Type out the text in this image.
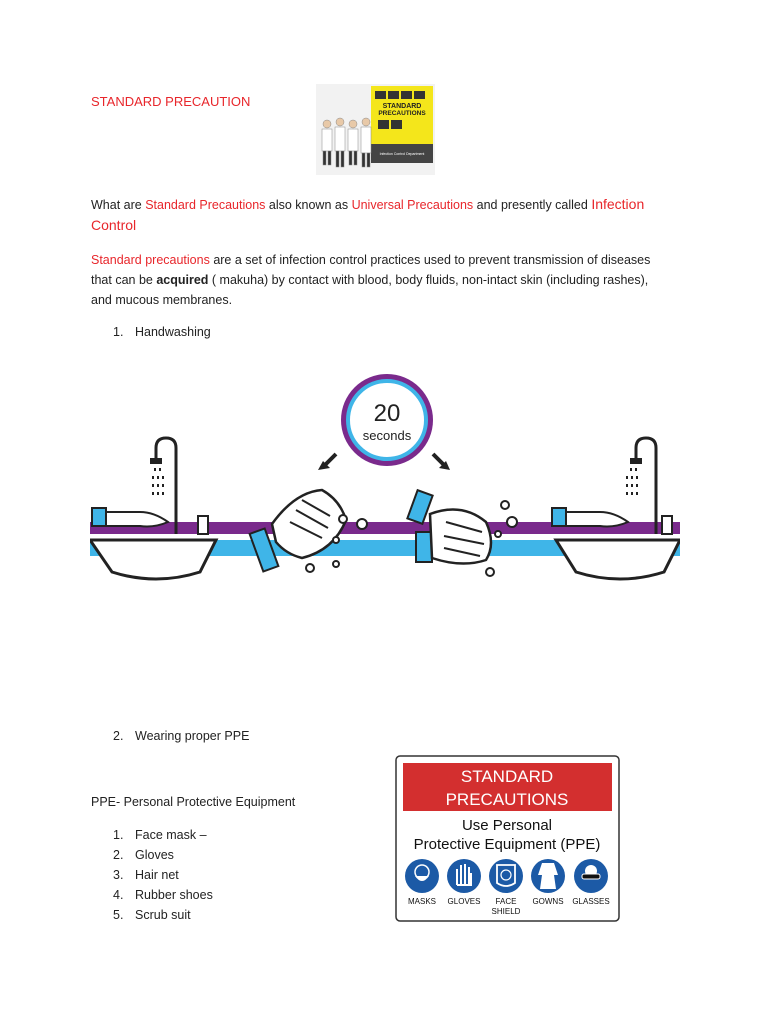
STANDARD PRECAUTION	STANDARD
PRECAUTIONS
Infection Control Department
What are Standard Precautions also known as Universal Precautions and presently called Infection
Control
Standard precautions are a set of infection control practices used to prevent transmission of diseases
that can be acquired ( makuha) by contact with blood, body fluids, non-intact skin (including rashes),
and mucous membranes.
1. Handwashing
20
seconds
2. Wearing proper PPE
PPE- Personal Protective Equipment
1. Face mask –
2. Gloves
3. Hair net
4. Rubber shoes
5. Scrub suit
STANDARD
PRECAUTIONS
Use Personal
Protective Equipment (PPE)
MASKS GLOVES FACE
SHIELD
GOWNS GLASSES
